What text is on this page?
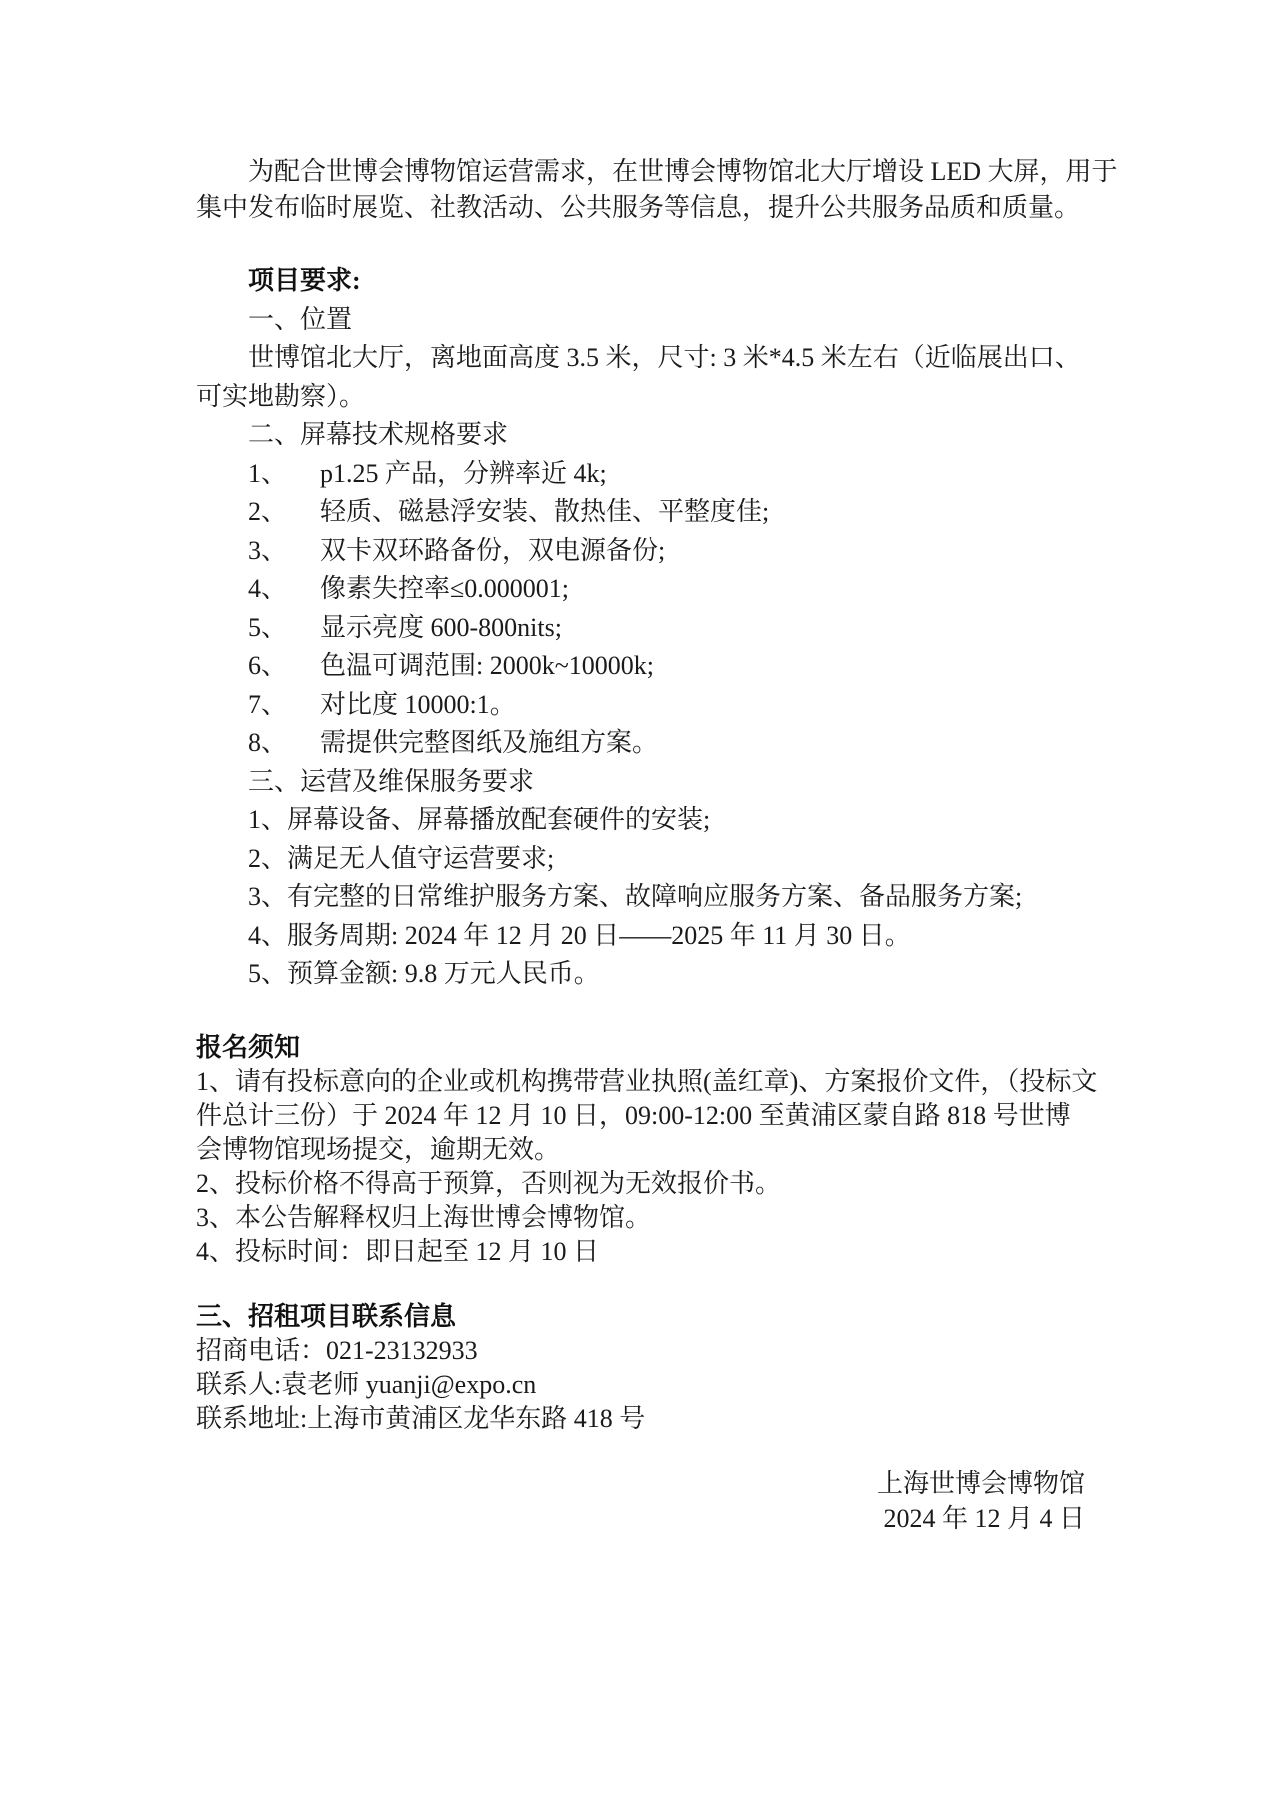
为配合世博会博物馆运营需求，在世博会博物馆北大厅增设 LED 大屏，用于
集中发布临时展览、社教活动、公共服务等信息，提升公共服务品质和质量。
项目要求:
一、位置
世博馆北大厅，离地面高度 3.5 米，尺寸: 3 米*4.5 米左右（近临展出口、
可实地勘察）。
二、屏幕技术规格要求
1、 p1.25 产品，分辨率近 4k;
2、 轻质、磁悬浮安装、散热佳、平整度佳;
3、 双卡双环路备份，双电源备份;
4、 像素失控率≤0.000001;
5、 显示亮度 600-800nits;
6、 色温可调范围: 2000k~10000k;
7、 对比度 10000:1。
8、 需提供完整图纸及施组方案。
三、运营及维保服务要求
1、屏幕设备、屏幕播放配套硬件的安装;
2、满足无人值守运营要求;
3、有完整的日常维护服务方案、故障响应服务方案、备品服务方案;
4、服务周期: 2024 年 12 月 20 日——2025 年 11 月 30 日。
5、预算金额: 9.8 万元人民币。
报名须知
1、请有投标意向的企业或机构携带营业执照(盖红章)、方案报价文件，（投标文
件总计三份）于 2024 年 12 月 10 日，09:00-12:00 至黄浦区蒙自路 818 号世博
会博物馆现场提交，逾期无效。
2、投标价格不得高于预算，否则视为无效报价书。
3、本公告解释权归上海世博会博物馆。
4、投标时间：即日起至 12 月 10 日
三、招租项目联系信息
招商电话：021-23132933
联系人:袁老师 yuanji@expo.cn
联系地址:上海市黄浦区龙华东路 418 号
上海世博会博物馆
2024 年 12 月 4 日
